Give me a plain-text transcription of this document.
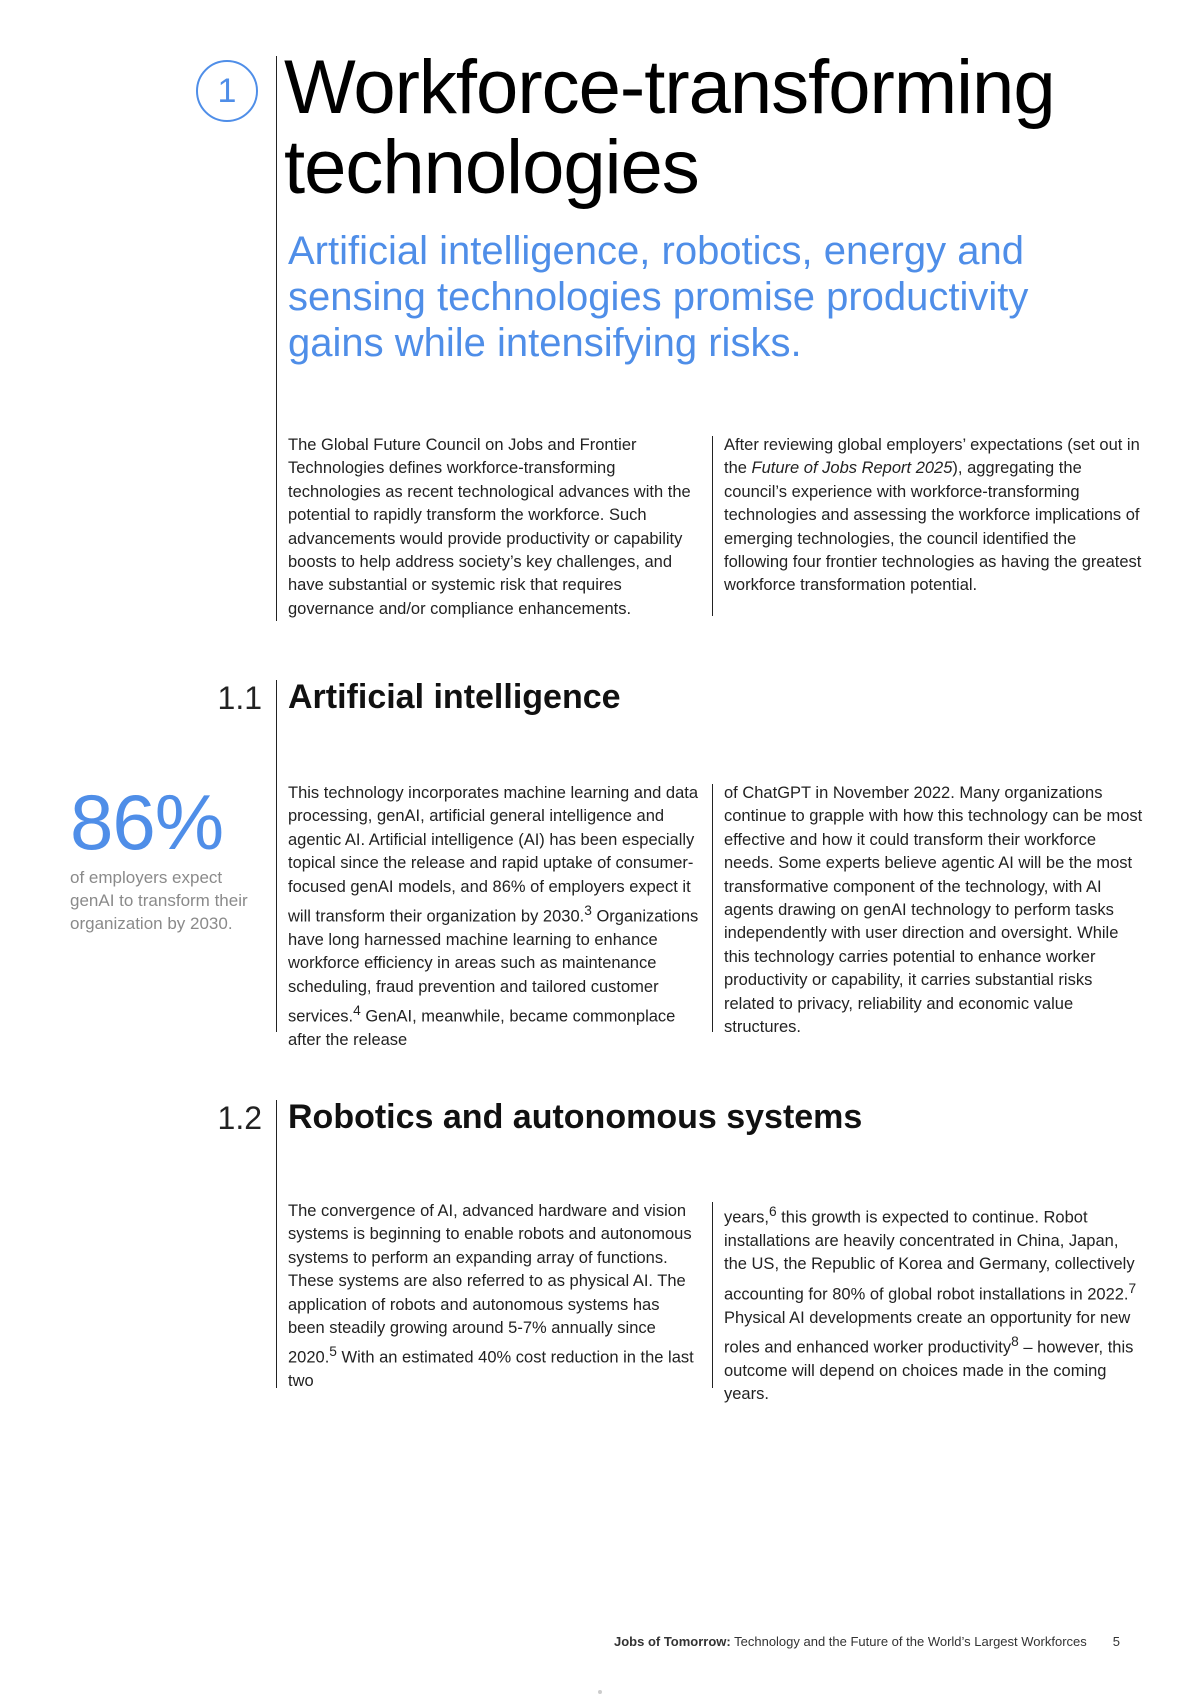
1 Workforce-transforming
technologies
Artificial intelligence, robotics, energy and sensing technologies promise productivity gains while intensifying risks.
The Global Future Council on Jobs and Frontier Technologies defines workforce-transforming technologies as recent technological advances with the potential to rapidly transform the workforce. Such advancements would provide productivity or capability boosts to help address society’s key challenges, and have substantial or systemic risk that requires governance and/or compliance enhancements.
After reviewing global employers’ expectations (set out in the Future of Jobs Report 2025), aggregating the council’s experience with workforce-transforming technologies and assessing the workforce implications of emerging technologies, the council identified the following four frontier technologies as having the greatest workforce transformation potential.
1.1 Artificial intelligence
86%
of employers expect genAI to transform their organization by 2030.
This technology incorporates machine learning and data processing, genAI, artificial general intelligence and agentic AI. Artificial intelligence (AI) has been especially topical since the release and rapid uptake of consumer-focused genAI models, and 86% of employers expect it will transform their organization by 2030.$^3$ Organizations have long harnessed machine learning to enhance workforce efficiency in areas such as maintenance scheduling, fraud prevention and tailored customer services.$^4$ GenAI, meanwhile, became commonplace after the release
of ChatGPT in November 2022. Many organizations continue to grapple with how this technology can be most effective and how it could transform their workforce needs. Some experts believe agentic AI will be the most transformative component of the technology, with AI agents drawing on genAI technology to perform tasks independently with user direction and oversight. While this technology carries potential to enhance worker productivity or capability, it carries substantial risks related to privacy, reliability and economic value structures.
1.2 Robotics and autonomous systems
The convergence of AI, advanced hardware and vision systems is beginning to enable robots and autonomous systems to perform an expanding array of functions. These systems are also referred to as physical AI. The application of robots and autonomous systems has been steadily growing around 5-7% annually since 2020.$^5$ With an estimated 40% cost reduction in the last two
years,$^6$ this growth is expected to continue. Robot installations are heavily concentrated in China, Japan, the US, the Republic of Korea and Germany, collectively accounting for 80% of global robot installations in 2022.$^7$ Physical AI developments create an opportunity for new roles and enhanced worker productivity$^8$ – however, this outcome will depend on choices made in the coming years.
Jobs of Tomorrow: Technology and the Future of the World’s Largest Workforces 5
